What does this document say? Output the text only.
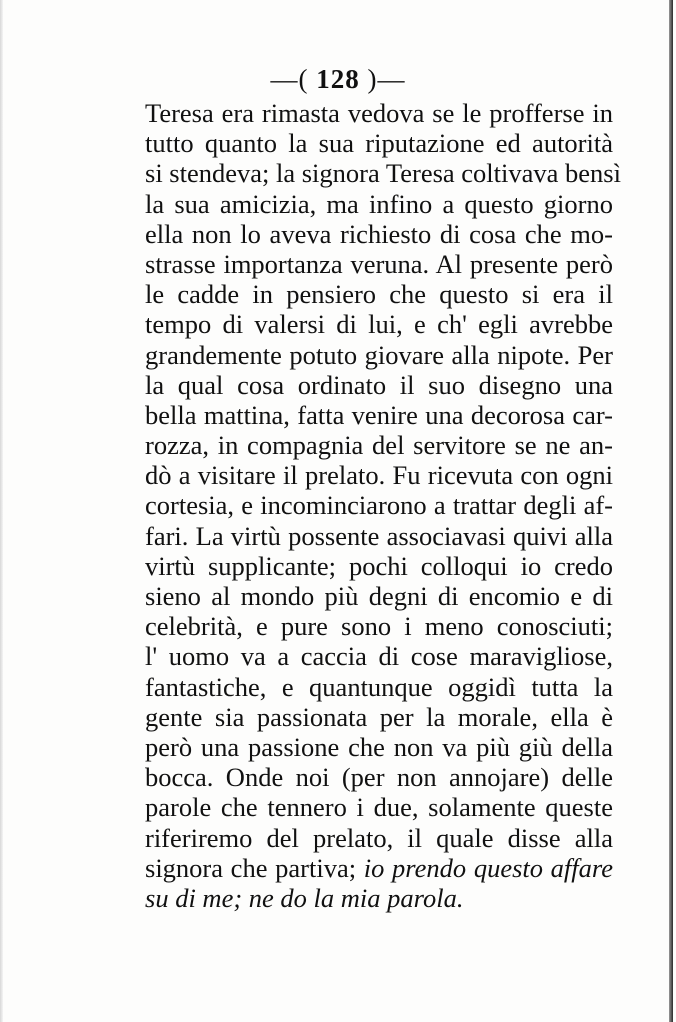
—( 128 )—
Teresa era rimasta vedova se le profferse in
tutto quanto la sua riputazione ed autorità
si stendeva; la signora Teresa coltivava bensì
la sua amicizia, ma infino a questo giorno
ella non lo aveva richiesto di cosa che mo-
strasse importanza veruna. Al presente però
le cadde in pensiero che questo si era il
tempo di valersi di lui, e ch' egli avrebbe
grandemente potuto giovare alla nipote. Per
la qual cosa ordinato il suo disegno una
bella mattina, fatta venire una decorosa car-
rozza, in compagnia del servitore se ne an-
dò a visitare il prelato. Fu ricevuta con ogni
cortesia, e incominciarono a trattar degli af-
fari. La virtù possente associavasi quivi alla
virtù supplicante; pochi colloqui io credo
sieno al mondo più degni di encomio e di
celebrità, e pure sono i meno conosciuti;
l' uomo va a caccia di cose maravigliose,
fantastiche, e quantunque oggidì tutta la
gente sia passionata per la morale, ella è
però una passione che non va più giù della
bocca. Onde noi (per non annojare) delle
parole che tennero i due, solamente queste
riferiremo del prelato, il quale disse alla
signora che partiva; io prendo questo affare
su di me; ne do la mia parola.
